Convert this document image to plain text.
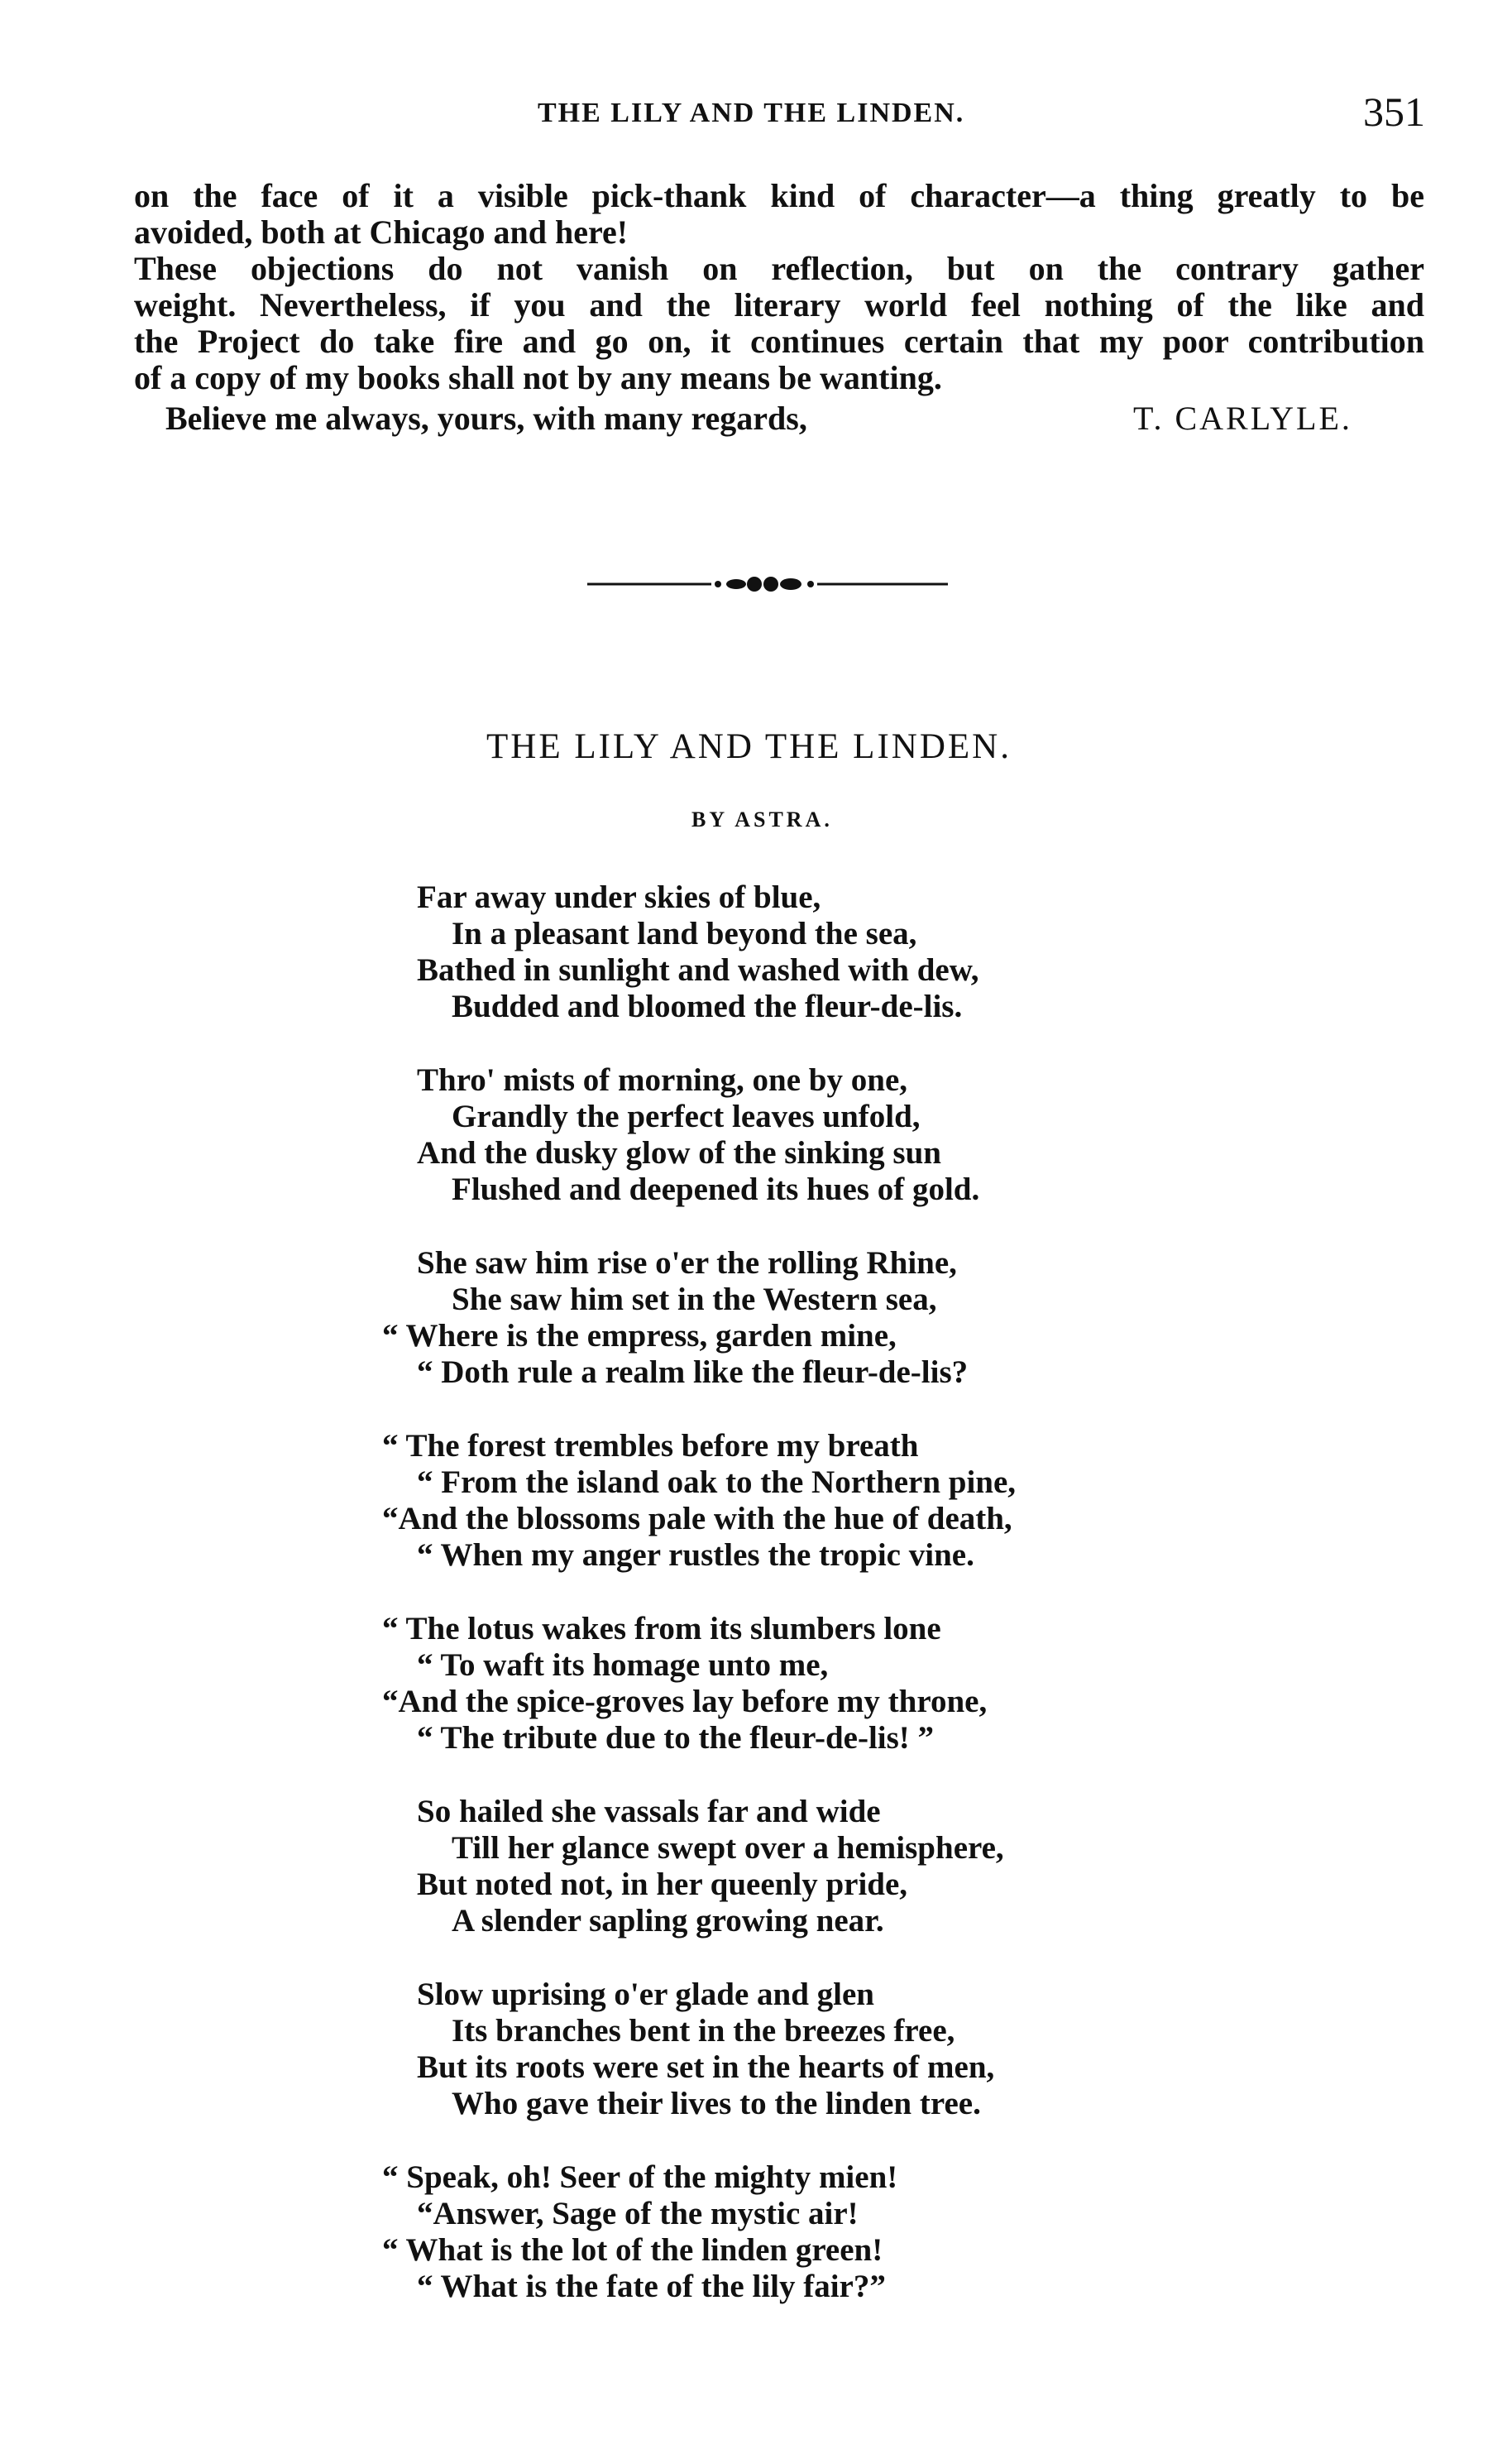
THE LILY AND THE LINDEN.	351
on the face of it a visible pick-thank kind of character—a thing greatly to be
avoided, both at Chicago and here!
These objections do not vanish on reflection, but on the contrary gather
weight. Nevertheless, if you and the literary world feel nothing of the like and
the Project do take fire and go on, it continues certain that my poor contribution
of a copy of my books shall not by any means be wanting.
Believe me always, yours, with many regards,	T. CARLYLE.
THE LILY AND THE LINDEN.
BY ASTRA.
Far away under skies of blue,
In a pleasant land beyond the sea,
Bathed in sunlight and washed with dew,
Budded and bloomed the fleur-de-lis.
Thro' mists of morning, one by one,
Grandly the perfect leaves unfold,
And the dusky glow of the sinking sun
Flushed and deepened its hues of gold.
She saw him rise o'er the rolling Rhine,
She saw him set in the Western sea,
“ Where is the empress, garden mine,
“ Doth rule a realm like the fleur-de-lis?
“ The forest trembles before my breath
“ From the island oak to the Northern pine,
“And the blossoms pale with the hue of death,
“ When my anger rustles the tropic vine.
“ The lotus wakes from its slumbers lone
“ To waft its homage unto me,
“And the spice-groves lay before my throne,
“ The tribute due to the fleur-de-lis! ”
So hailed she vassals far and wide
Till her glance swept over a hemisphere,
But noted not, in her queenly pride,
A slender sapling growing near.
Slow uprising o'er glade and glen
Its branches bent in the breezes free,
But its roots were set in the hearts of men,
Who gave their lives to the linden tree.
“ Speak, oh! Seer of the mighty mien!
“Answer, Sage of the mystic air!
“ What is the lot of the linden green!
“ What is the fate of the lily fair?”
